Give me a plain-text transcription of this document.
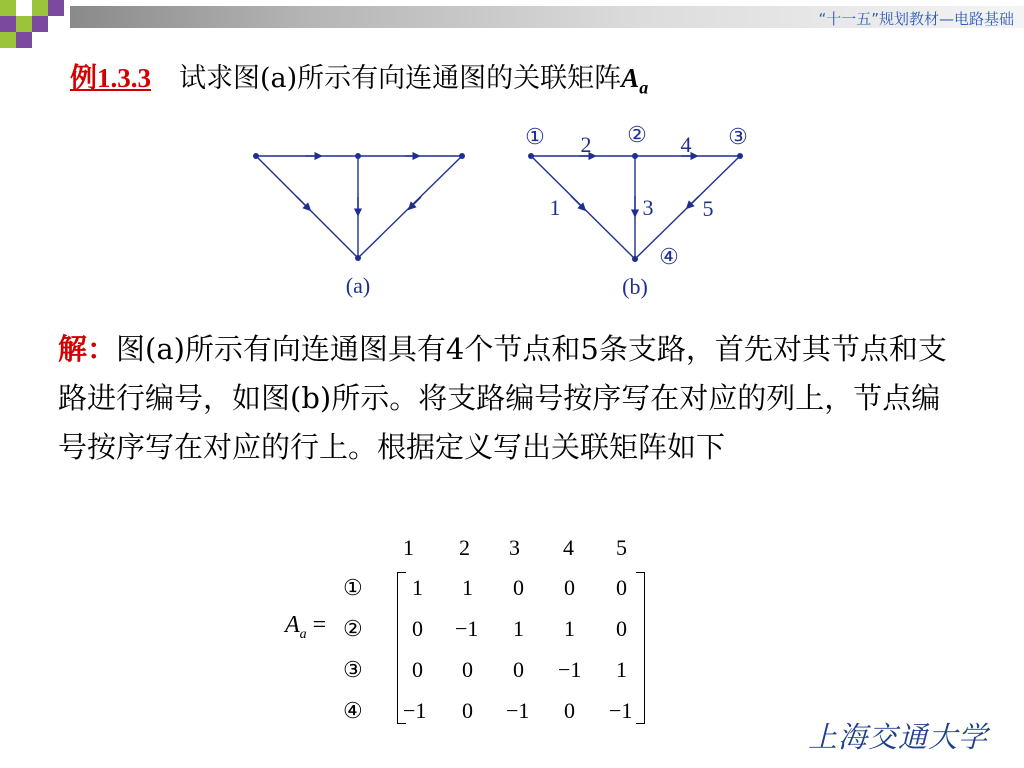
“十一五”规划教材—电路基础
例1.3.3 试求图(a)所示有向连通图的关联矩阵$A_a$
(a)
①	②	③
④
1
2
3
4
5
(b)
解：图(a)所示有向连通图具有4个节点和5条支路，首先对其节点和支路进行编号，如图(b)所示。将支路编号按序写在对应的列上，节点编号按序写在对应的行上。根据定义写出关联矩阵如下
$A_a$ =
1 2 3 4 5
①
②
③
④
1 1 0 0 0
0 −1 1 1 0
0 0 0 −1 1
−1 0 −1 0 −1
上海交通大学
